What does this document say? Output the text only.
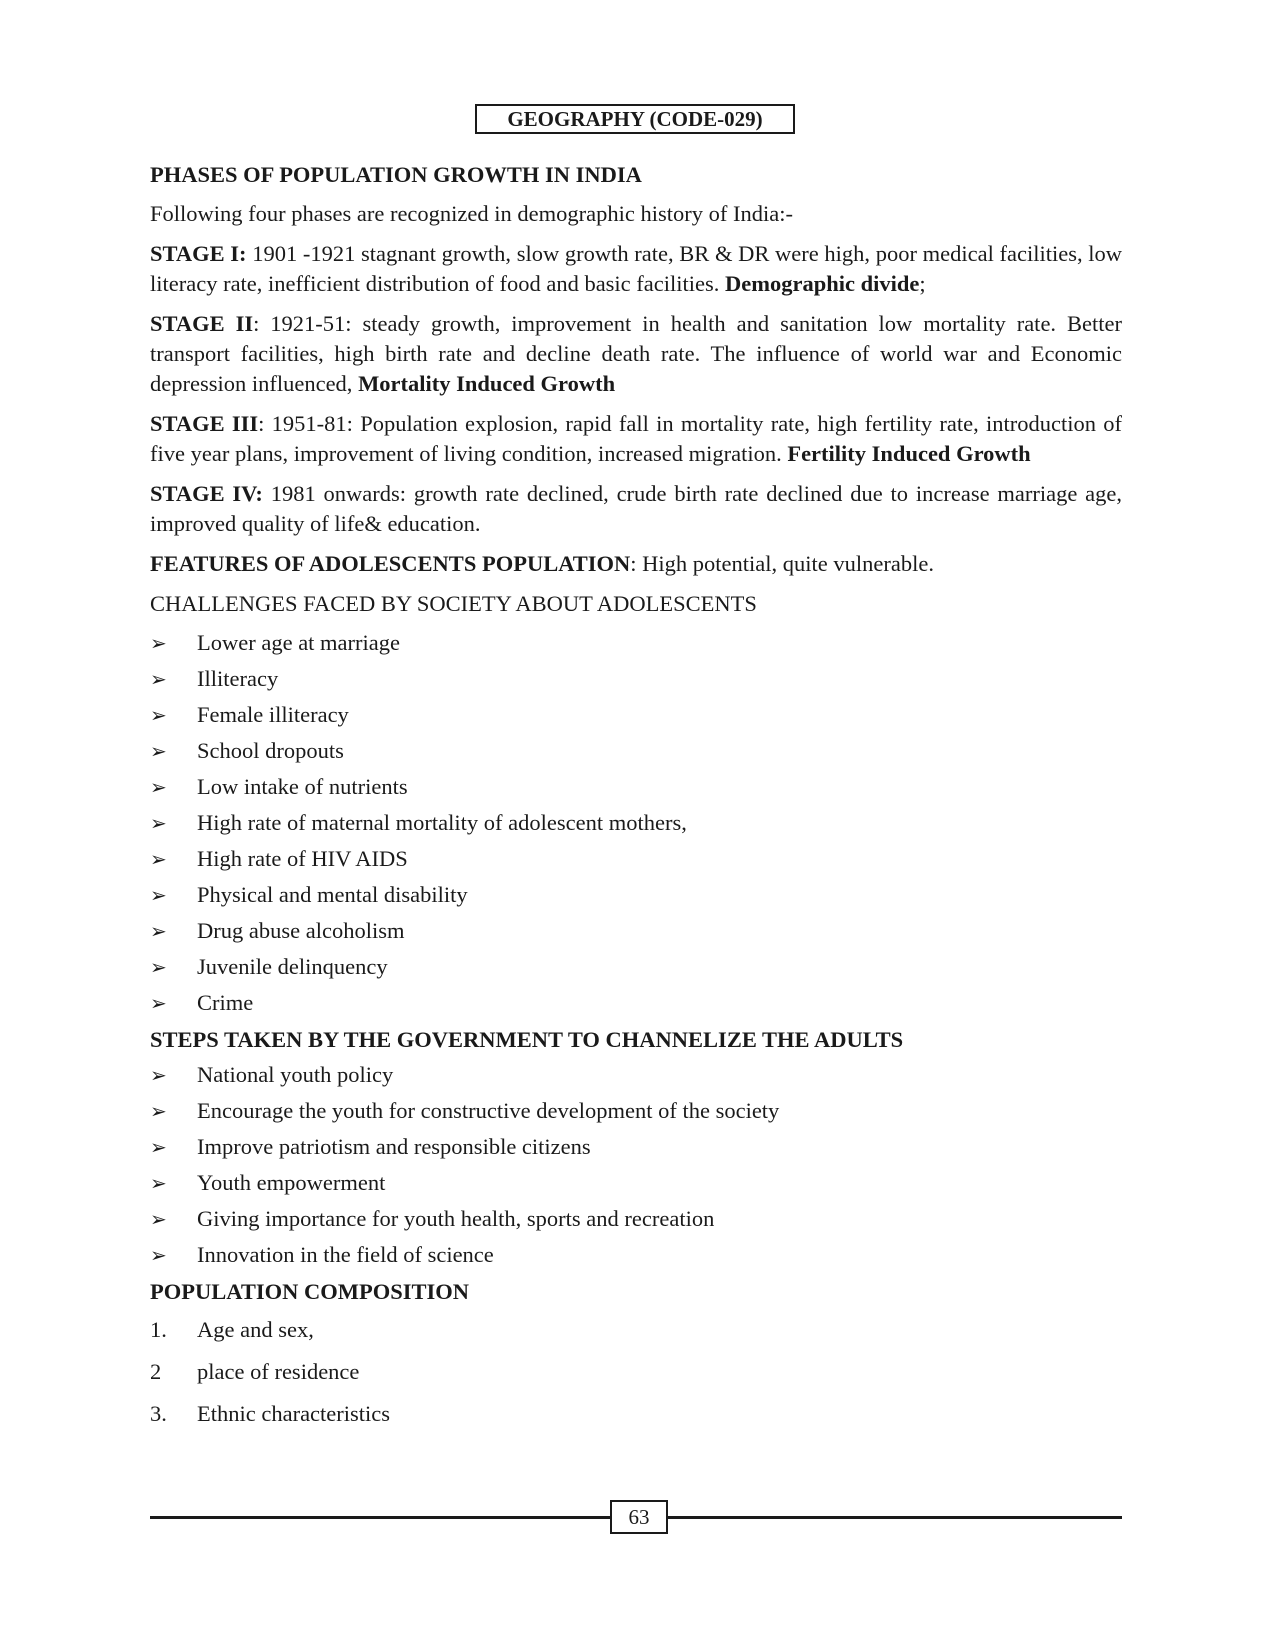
GEOGRAPHY (CODE-029)
PHASES OF POPULATION GROWTH IN INDIA

Following four phases are recognized in demographic history of India:-

STAGE I: 1901 -1921 stagnant growth, slow growth rate, BR & DR were high, poor medical facilities, low literacy rate, inefficient distribution of food and basic facilities. Demographic divide;

STAGE II: 1921-51: steady growth, improvement in health and sanitation low mortality rate. Better transport facilities, high birth rate and decline death rate. The influence of world war and Economic depression influenced, Mortality Induced Growth

STAGE III: 1951-81: Population explosion, rapid fall in mortality rate, high fertility rate, introduction of five year plans, improvement of living condition, increased migration. Fertility Induced Growth

STAGE IV: 1981 onwards: growth rate declined, crude birth rate declined due to increase marriage age, improved quality of life& education.

FEATURES OF ADOLESCENTS POPULATION: High potential, quite vulnerable.

CHALLENGES FACED BY SOCIETY ABOUT ADOLESCENTS

➢ Lower age at marriage
➢ Illiteracy
➢ Female illiteracy
➢ School dropouts
➢ Low intake of nutrients
➢ High rate of maternal mortality of adolescent mothers,
➢ High rate of HIV AIDS
➢ Physical and mental disability
➢ Drug abuse alcoholism
➢ Juvenile delinquency
➢ Crime
STEPS TAKEN BY THE GOVERNMENT TO CHANNELIZE THE ADULTS
➢ National youth policy
➢ Encourage the youth for constructive development of the society
➢ Improve patriotism and responsible citizens
➢ Youth empowerment
➢ Giving importance for youth health, sports and recreation
➢ Innovation in the field of science
POPULATION COMPOSITION
1. Age and sex,
2 place of residence
3. Ethnic characteristics
63
